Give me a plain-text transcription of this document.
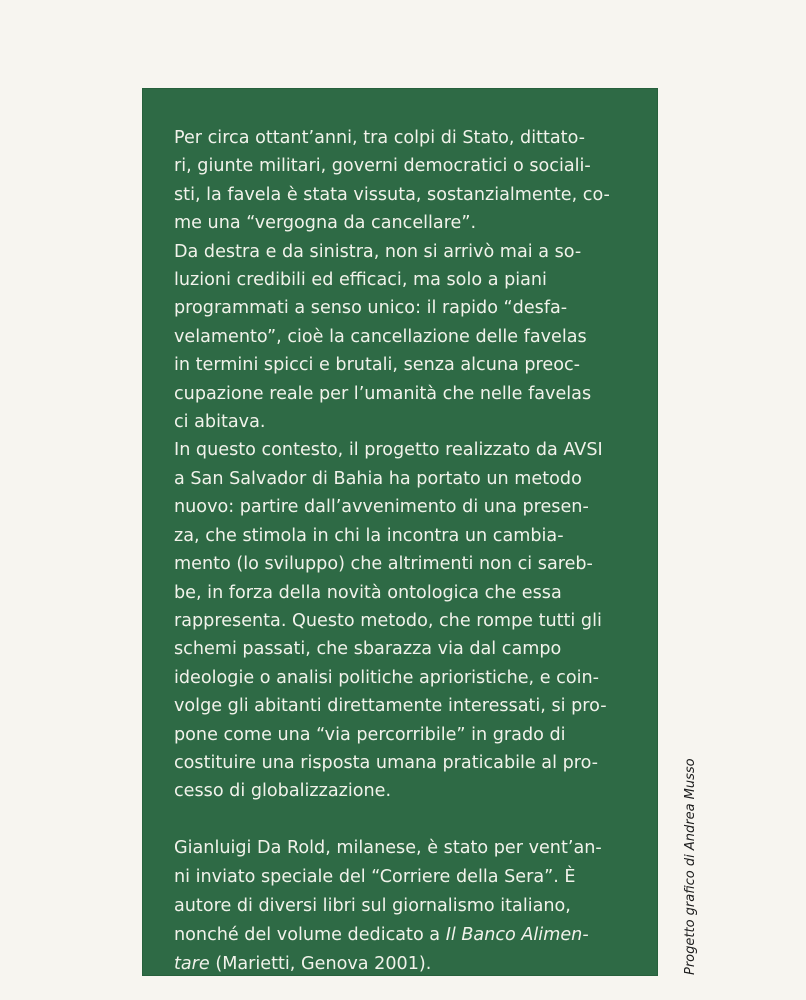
Per circa ottant’anni, tra colpi di Stato, dittato-
ri, giunte militari, governi democratici o sociali-
sti, la favela è stata vissuta, sostanzialmente, co-
me una “vergogna da cancellare”.

Da destra e da sinistra, non si arrivò mai a so-
luzioni credibili ed efficaci, ma solo a piani
programmati a senso unico: il rapido “desfa-
velamento”, cioè la cancellazione delle favelas
in termini spicci e brutali, senza alcuna preoc-
cupazione reale per l’umanità che nelle favelas
ci abitava.

In questo contesto, il progetto realizzato da AVSI
a San Salvador di Bahia ha portato un metodo
nuovo: partire dall’avvenimento di una presen-
za, che stimola in chi la incontra un cambia-
mento (lo sviluppo) che altrimenti non ci sareb-
be, in forza della novità ontologica che essa
rappresenta. Questo metodo, che rompe tutti gli
schemi passati, che sbarazza via dal campo
ideologie o analisi politiche aprioristiche, e coin-
volge gli abitanti direttamente interessati, si pro-
pone come una “via percorribile” in grado di
costituire una risposta umana praticabile al pro-
cesso di globalizzazione.

Gianluigi Da Rold, milanese, è stato per vent’an-
ni inviato speciale del “Corriere della Sera”. È
autore di diversi libri sul giornalismo italiano,
nonché del volume dedicato a Il Banco Alimen-
tare (Marietti, Genova 2001).	Progetto grafico di Andrea Musso
